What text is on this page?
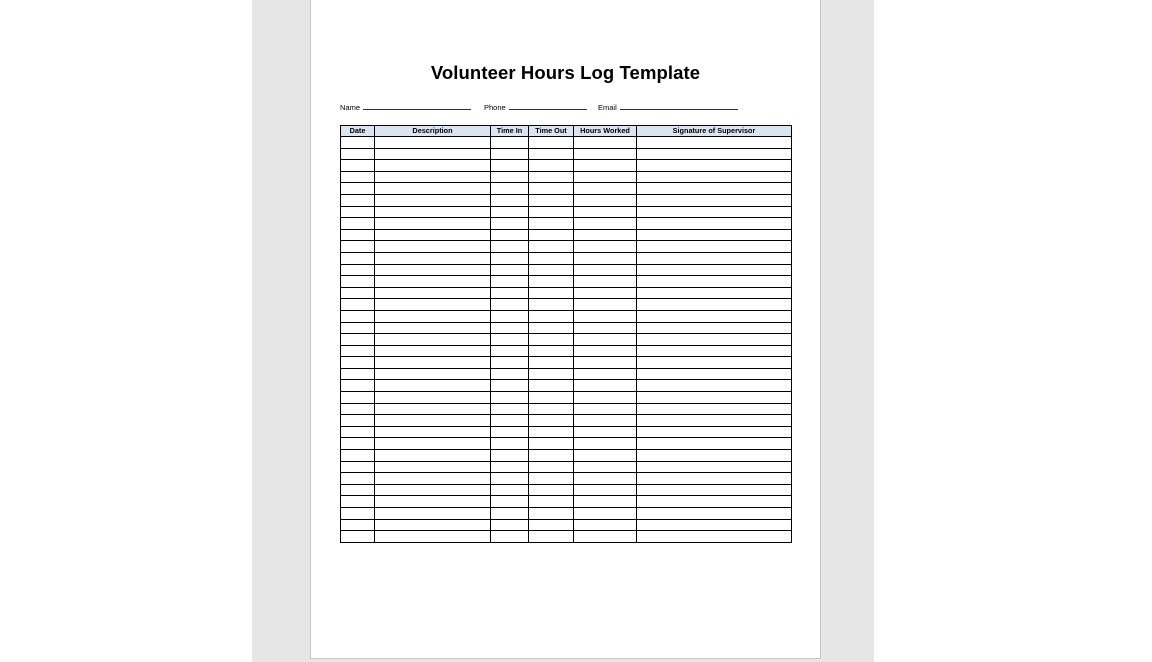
Volunteer Hours Log Template
Name	Phone	Email
Date	Description	Time In	Time Out	Hours Worked	Signature of Supervisor
